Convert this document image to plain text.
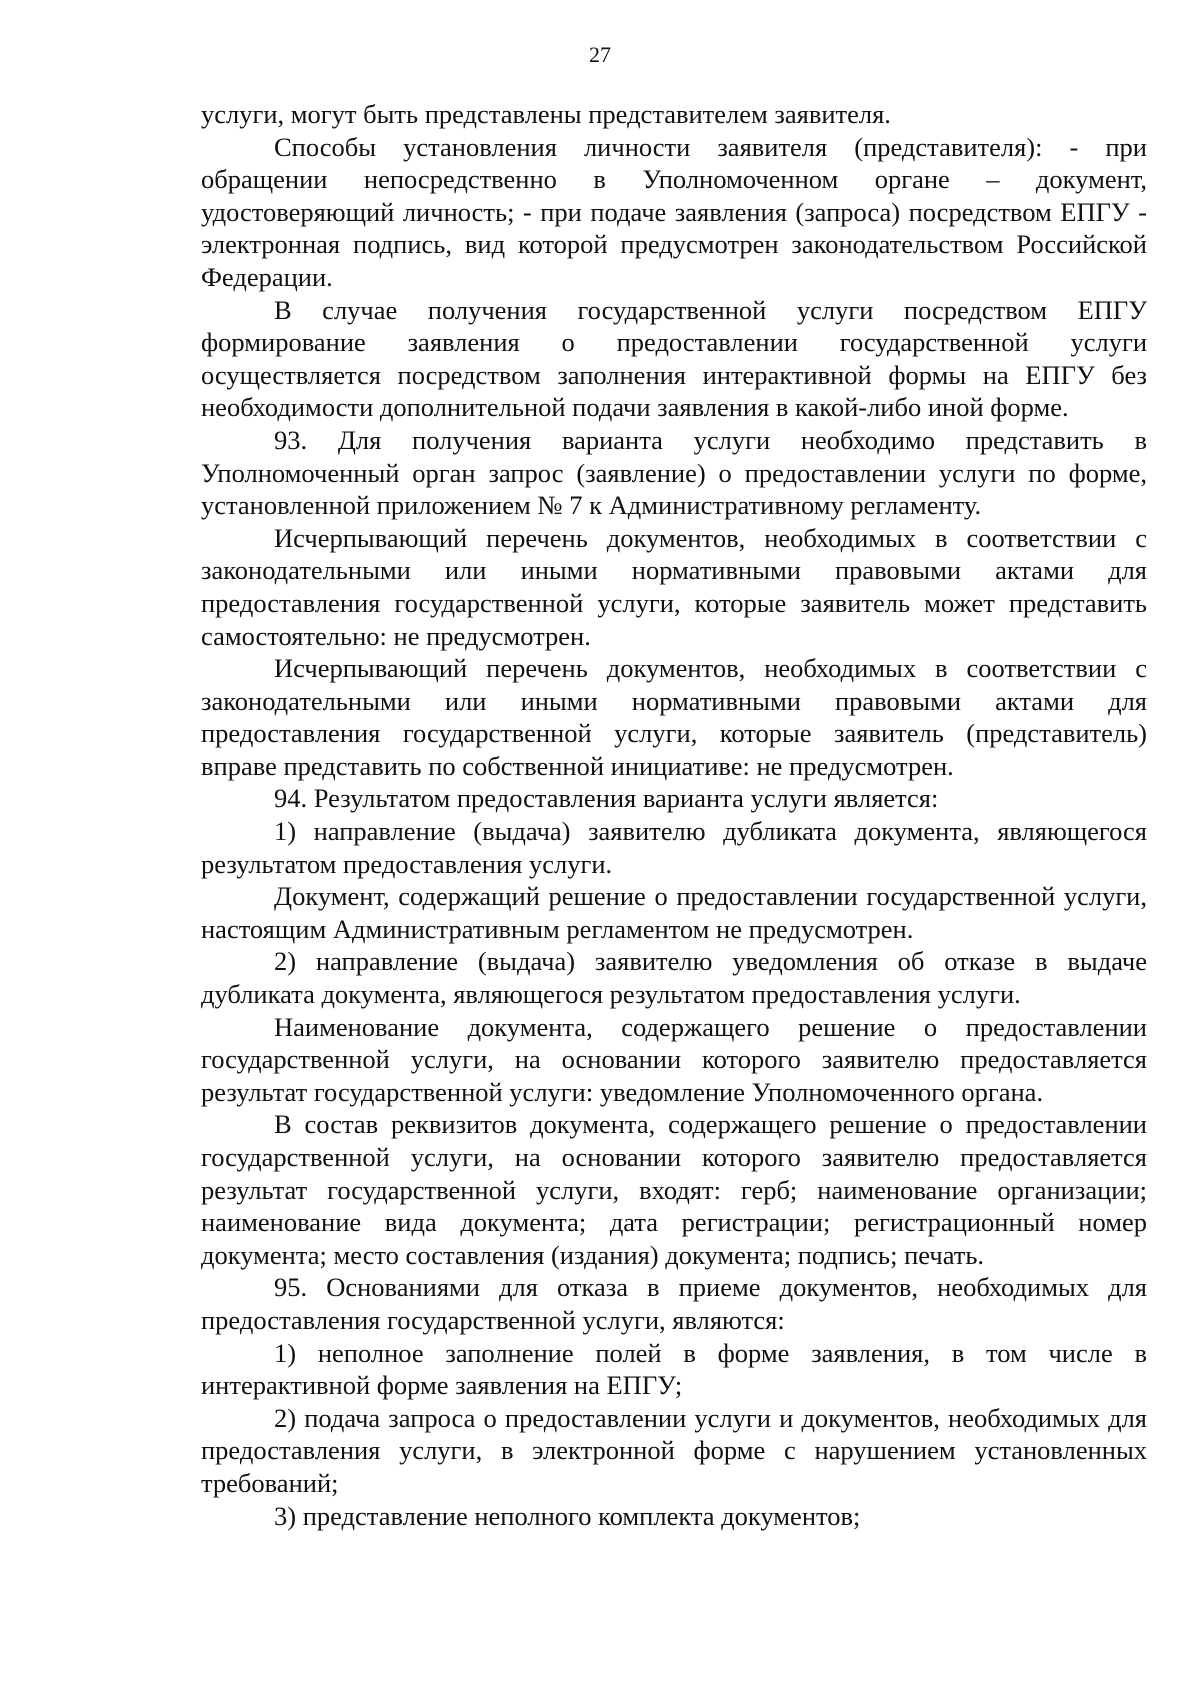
27

услуги, могут быть представлены представителем заявителя.

Способы установления личности заявителя (представителя): - при обращении непосредственно в Уполномоченном органе – документ, удостоверяющий личность; - при подаче заявления (запроса) посредством ЕПГУ - электронная подпись, вид которой предусмотрен законодательством Российской Федерации.

В случае получения государственной услуги посредством ЕПГУ формирование заявления о предоставлении государственной услуги осуществляется посредством заполнения интерактивной формы на ЕПГУ без необходимости дополнительной подачи заявления в какой-либо иной форме.

93. Для получения варианта услуги необходимо представить в Уполномоченный орган запрос (заявление) о предоставлении услуги по форме, установленной приложением № 7 к Административному регламенту.

Исчерпывающий перечень документов, необходимых в соответствии с законодательными или иными нормативными правовыми актами для предоставления государственной услуги, которые заявитель может представить самостоятельно: не предусмотрен.

Исчерпывающий перечень документов, необходимых в соответствии с законодательными или иными нормативными правовыми актами для предоставления государственной услуги, которые заявитель (представитель) вправе представить по собственной инициативе: не предусмотрен.

94. Результатом предоставления варианта услуги является:

1) направление (выдача) заявителю дубликата документа, являющегося результатом предоставления услуги.

Документ, содержащий решение о предоставлении государственной услуги, настоящим Административным регламентом не предусмотрен.

2) направление (выдача) заявителю уведомления об отказе в выдаче дубликата документа, являющегося результатом предоставления услуги.

Наименование документа, содержащего решение о предоставлении государственной услуги, на основании которого заявителю предоставляется результат государственной услуги: уведомление Уполномоченного органа.

В состав реквизитов документа, содержащего решение о предоставлении государственной услуги, на основании которого заявителю предоставляется результат государственной услуги, входят: герб; наименование организации; наименование вида документа; дата регистрации; регистрационный номер документа; место составления (издания) документа; подпись; печать.

95. Основаниями для отказа в приеме документов, необходимых для предоставления государственной услуги, являются:

1) неполное заполнение полей в форме заявления, в том числе в интерактивной форме заявления на ЕПГУ;

2) подача запроса о предоставлении услуги и документов, необходимых для предоставления услуги, в электронной форме с нарушением установленных требований;

3) представление неполного комплекта документов;
